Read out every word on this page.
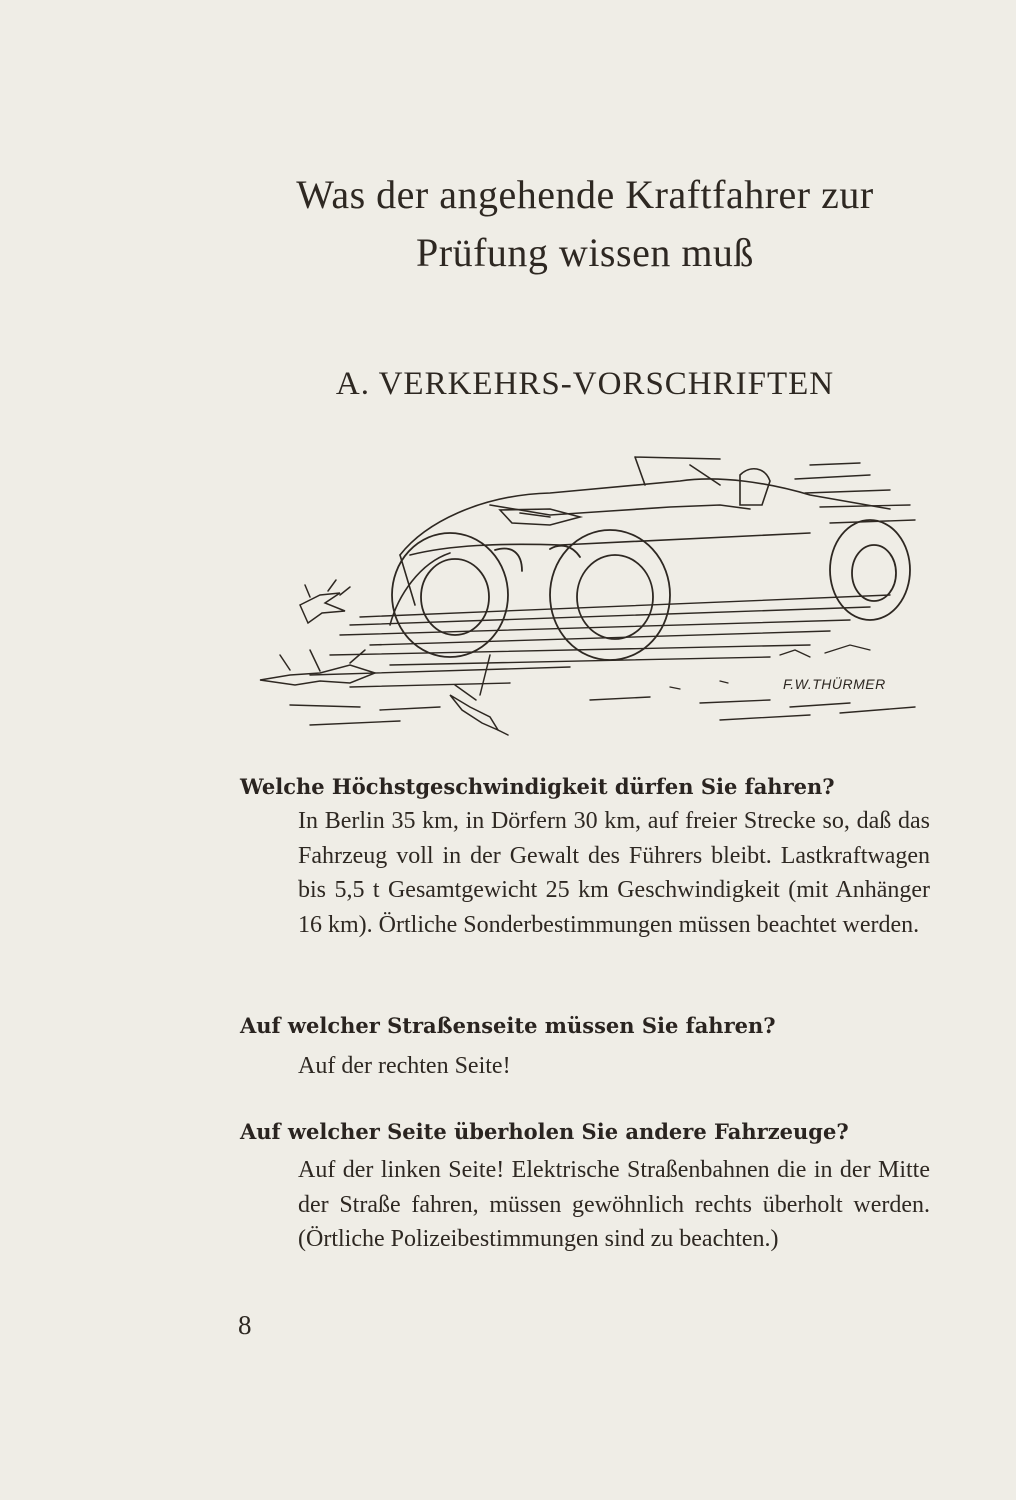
Was der angehende Kraftfahrer zur
Prüfung wissen muß
A. VERKEHRS-VORSCHRIFTEN
F.W.THÜRMER
Welche Höchstgeschwindigkeit dürfen Sie fahren?
In Berlin 35 km, in Dörfern 30 km, auf freier Strecke so, daß das Fahrzeug voll in der Gewalt des Führers bleibt. Lastkraftwagen bis 5,5 t Gesamtgewicht 25 km Geschwindigkeit (mit Anhänger 16 km). Örtliche Sonderbestimmungen müssen beachtet werden.
Auf welcher Straßenseite müssen Sie fahren?
Auf der rechten Seite!
Auf welcher Seite überholen Sie andere Fahrzeuge?
Auf der linken Seite! Elektrische Straßenbahnen die in der Mitte der Straße fahren, müssen gewöhnlich rechts überholt werden. (Örtliche Polizeibestimmungen sind zu beachten.)
8
